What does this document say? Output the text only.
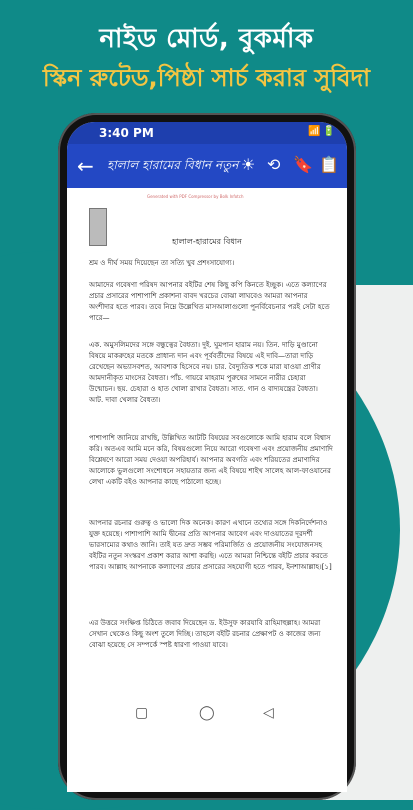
নাইড মোর্ড, বুকর্মাক
স্কিন রুটেড,পিষ্ঠা সার্চ করার সুবিদা
3:40 PM	📶🔋
← হালাল হারামের বিধান নতুন ☀ ⟲ 🔖 📋
Generated with PDF Compressor by Bolk Infotch
হালাল-হারামের বিধান
শ্রম ও দীর্ঘ সময় দিয়েছেন তা সত্যি খুব প্রশংসাযোগ্য।
আমাদের গবেষণা পরিষদ আপনার বইটির শেষ কিছু কপি কিনতে ইচ্ছুক। এতে কল্যাণের প্রচার প্রসারের পাশাপাশি প্রকাশনা বাবদ খরচের বোঝা লাঘবেও আমরা আপনার অংশীদার হতে পারব। তবে নিম্নে উল্লেখিত মাসআলাগুলো পুনর্বিবেচনার পরই সেটা হতে পারে—
এক. অমুসলিমদের সঙ্গে বন্ধুত্বের বৈধতা। দুই. ঘুমপান হারাম নয়। তিন. দাড়ি মুণ্ডানো বিষয়ে মাকরুহের মতকে প্রাধান্য দান এবং পূর্ববর্তীদের বিষয়ে এই দাবি—তারা দাড়ি রেখেছেন অভ্যাসবশত, আবশ্যক হিসেবে নয়। চার. বৈদ্যুতিক শকে মারা যাওয়া প্রাণীর আমদানীকৃত মাংসের বৈধতা। পাঁচ. গায়রে মাহরাম পুরুষের সামনে নারীর চেহারা উন্মোচন। ছয়. চেহারা ও হাত খোলা রাখার বৈধতা। সাত. গান ও বাদ্যযন্ত্রের বৈধতা। আট. দাবা খেলার বৈধতা।
পাশাপাশি জানিয়ে রাখছি, উল্লিখিত আটটি বিষয়ের সবগুলোকে আমি হারাম বলে বিশ্বাস করি। অতএব আমি মনে করি, বিষয়গুলো নিয়ে আরো গবেষণা এবং প্রয়োজনীয় প্রমাণাদি বিশ্লেষণে আরো সময় দেওয়া অপরিহার্য। আপনার অবগতি এবং শরিয়তের প্রমাণাদির আলোকে ভুলগুলো সংশোধনে সহায়তার জন্য এই বিষয়ে শাইখ সালেহ আল-ফাওযানের লেখা একটি বইও আপনার কাছে পাঠালো হচ্ছে।
আপনার রচনার গুরুত্ব ও ভালো দিক অনেক। কারণ এখানে তথ্যের সঙ্গে দিকনির্দেশনাও যুক্ত হয়েছে। পাশাপাশি আমি দ্বীনের প্রতি আপনার আবেগ এবং দাওয়াতের দূরদর্শী ভারসাম্যের কথাও জানি। তাই যত দ্রুত সম্ভব পরিমার্জিত ও প্রয়োজনীয় সংযোজনসহ বইটির নতুন সংস্করণ প্রকাশ করার আশা করছি। এতে আমরা নিশ্চিন্তে বইটি প্রচার করতে পারব। আল্লাহ আপনাকে কল্যাণের প্রচার প্রসারের সহযোগী হতে পারব, ইনশাআল্লাহ।[১]
এর উত্তরে সংক্ষিপ্ত চিঠিতে জবাব দিয়েছেন ড. ইউসুফ কারযাবি রাহিমাহুল্লাহ। আমরা সেখান থেকেও কিছু অংশ তুলে দিচ্ছি। তাহলে বইটি রচনার প্রেক্ষাপট ও কাজের জন্য বোঝা হয়েছে সে সম্পর্কে স্পষ্ট ধারণা পাওয়া যাবে।
▢	◯	◁
